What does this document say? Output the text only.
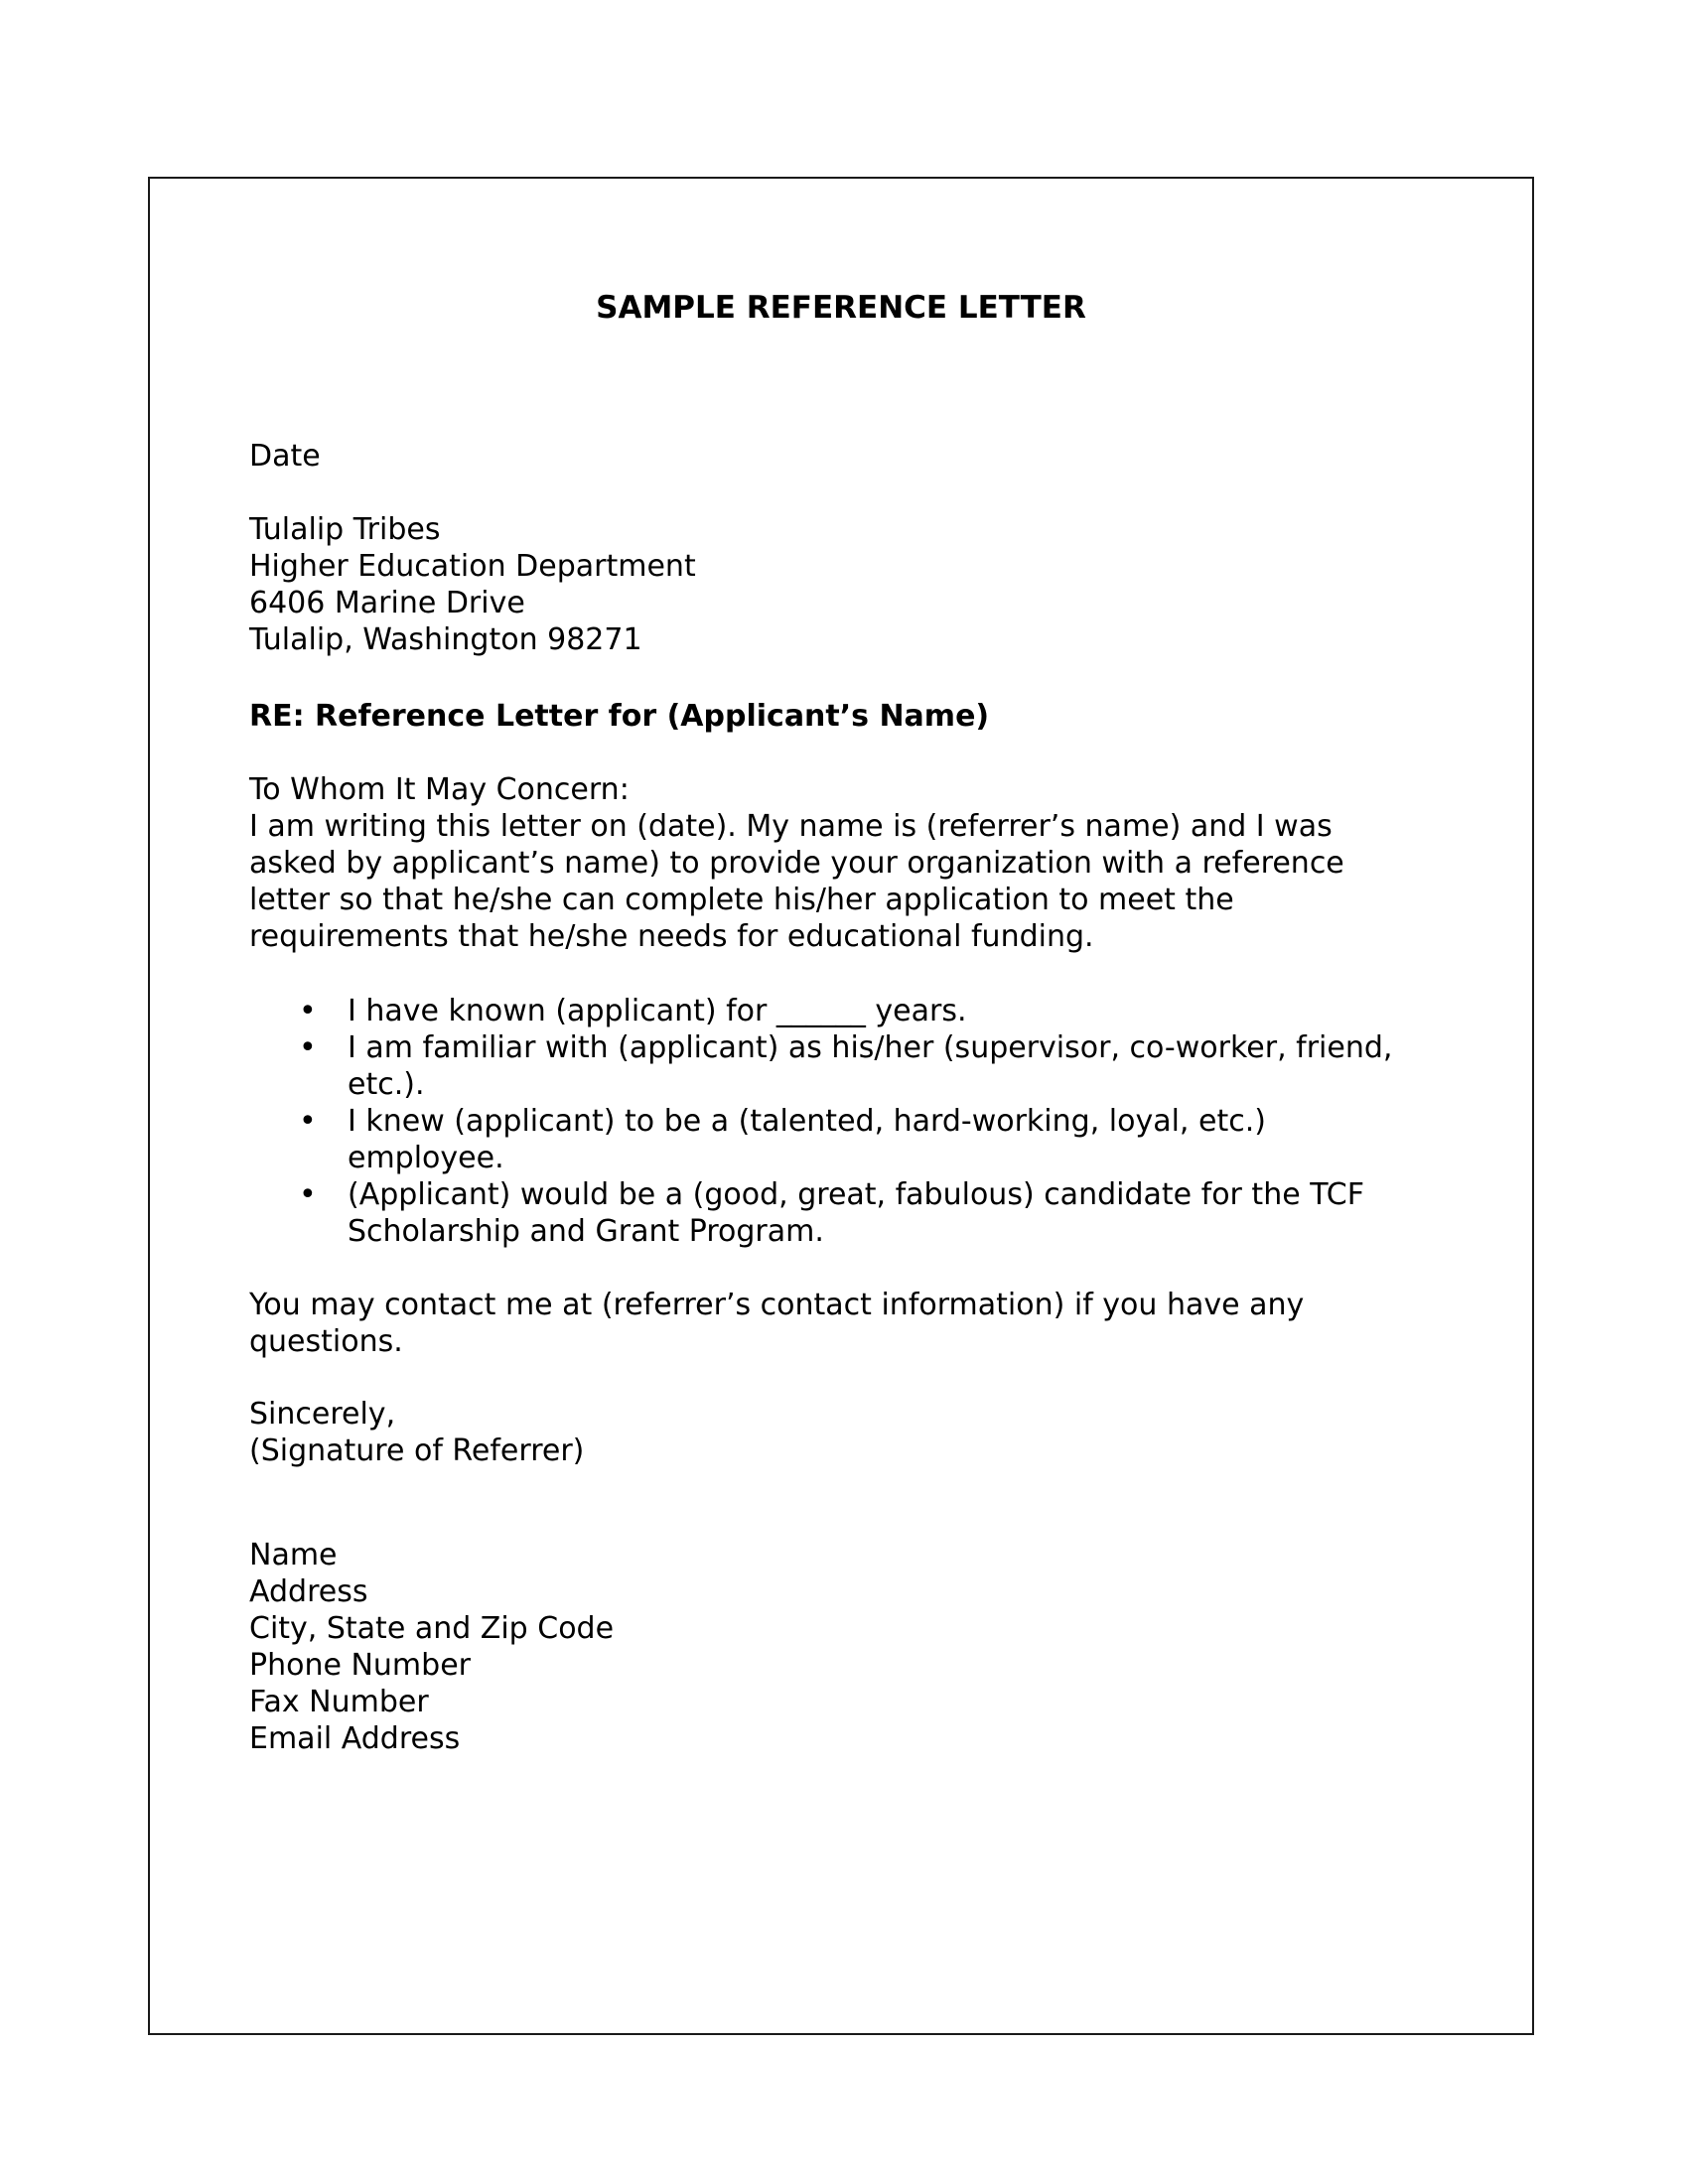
SAMPLE REFERENCE LETTER
Date
Tulalip Tribes
Higher Education Department
6406 Marine Drive
Tulalip, Washington 98271
RE: Reference Letter for (Applicant’s Name)
To Whom It May Concern:
I am writing this letter on (date). My name is (referrer’s name) and I was
asked by applicant’s name) to provide your organization with a reference
letter so that he/she can complete his/her application to meet the
requirements that he/she needs for educational funding.
• I have known (applicant) for ______ years.
• I am familiar with (applicant) as his/her (supervisor, co-worker, friend,
etc.).
• I knew (applicant) to be a (talented, hard-working, loyal, etc.)
employee.
• (Applicant) would be a (good, great, fabulous) candidate for the TCF
Scholarship and Grant Program.
You may contact me at (referrer’s contact information) if you have any
questions.
Sincerely,
(Signature of Referrer)
Name
Address
City, State and Zip Code
Phone Number
Fax Number
Email Address
